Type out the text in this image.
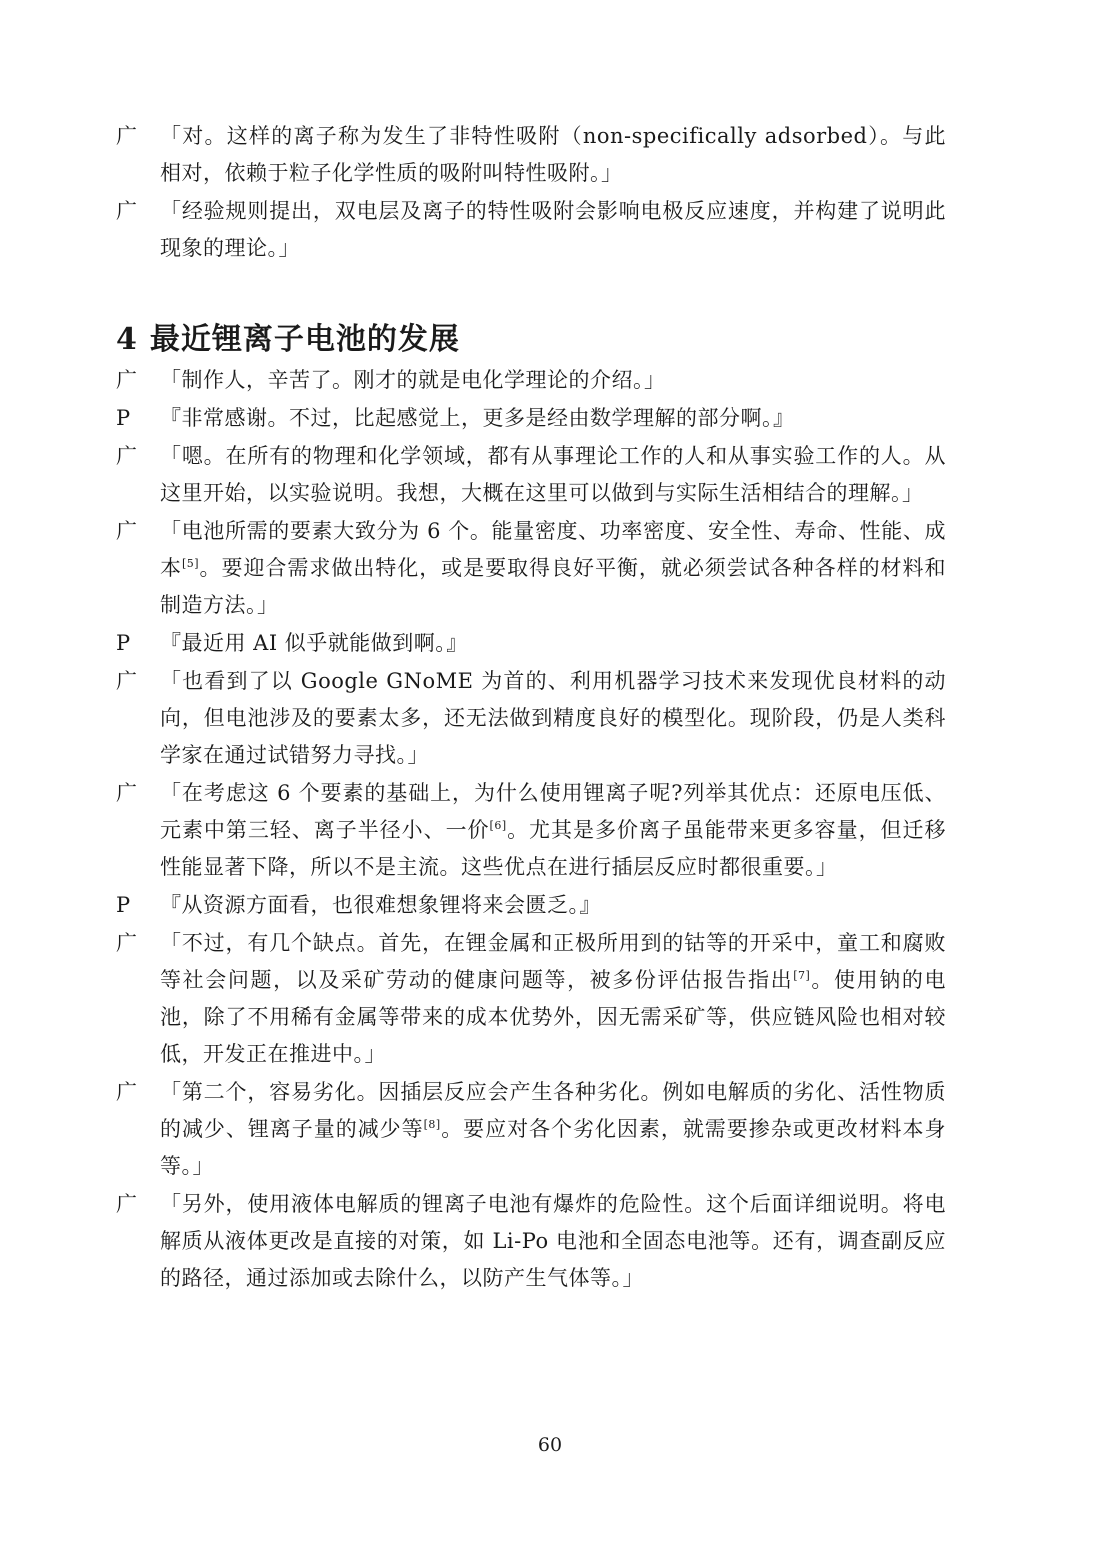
广	「对。这样的离子称为发生了非特性吸附（non-specifically adsorbed）。与此相对，依赖于粒子化学性质的吸附叫特性吸附。」
广	「经验规则提出，双电层及离子的特性吸附会影响电极反应速度，并构建了说明此现象的理论。」
4 最近锂离子电池的发展
广	「制作人，辛苦了。刚才的就是电化学理论的介绍。」
P	『非常感谢。不过，比起感觉上，更多是经由数学理解的部分啊。』
广	「嗯。在所有的物理和化学领域，都有从事理论工作的人和从事实验工作的人。从这里开始，以实验说明。我想，大概在这里可以做到与实际生活相结合的理解。」
广	「电池所需的要素大致分为 6 个。能量密度、功率密度、安全性、寿命、性能、成本[5]。要迎合需求做出特化，或是要取得良好平衡，就必须尝试各种各样的材料和制造方法。」
P	『最近用 AI 似乎就能做到啊。』
广	「也看到了以 Google GNoME 为首的、利用机器学习技术来发现优良材料的动向，但电池涉及的要素太多，还无法做到精度良好的模型化。现阶段，仍是人类科学家在通过试错努力寻找。」
广	「在考虑这 6 个要素的基础上，为什么使用锂离子呢?列举其优点：还原电压低、元素中第三轻、离子半径小、一价[6]。尤其是多价离子虽能带来更多容量，但迁移性能显著下降，所以不是主流。这些优点在进行插层反应时都很重要。」
P	『从资源方面看，也很难想象锂将来会匮乏。』
广	「不过，有几个缺点。首先，在锂金属和正极所用到的钴等的开采中，童工和腐败等社会问题，以及采矿劳动的健康问题等，被多份评估报告指出[7]。使用钠的电池，除了不用稀有金属等带来的成本优势外，因无需采矿等，供应链风险也相对较低，开发正在推进中。」
广	「第二个，容易劣化。因插层反应会产生各种劣化。例如电解质的劣化、活性物质的减少、锂离子量的减少等[8]。要应对各个劣化因素，就需要掺杂或更改材料本身等。」
广	「另外，使用液体电解质的锂离子电池有爆炸的危险性。这个后面详细说明。将电解质从液体更改是直接的对策，如 Li-Po 电池和全固态电池等。还有，调查副反应的路径，通过添加或去除什么，以防产生气体等。」
60
